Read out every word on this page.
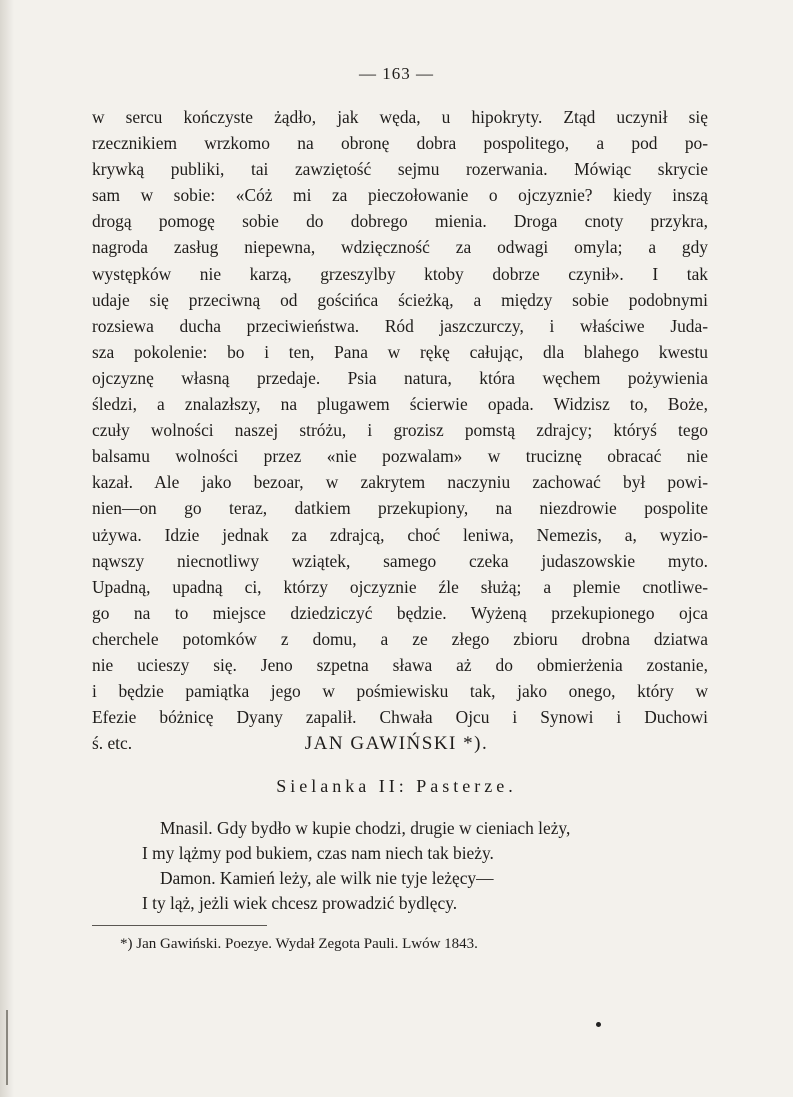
— 163 —
w sercu kończyste żądło, jak węda, u hipokryty. Ztąd uczynił się
rzecznikiem wrzkomo na obronę dobra pospolitego, a pod po-
krywką publiki, tai zawziętość sejmu rozerwania. Mówiąc skrycie
sam w sobie: «Cóż mi za pieczołowanie o ojczyznie? kiedy inszą
drogą pomogę sobie do dobrego mienia. Droga cnoty przykra,
nagroda zasług niepewna, wdzięczność za odwagi omyla; a gdy
występków nie karzą, grzeszylby ktoby dobrze czynił». I tak
udaje się przeciwną od gościńca ścieżką, a między sobie podobnymi
rozsiewa ducha przeciwieństwa. Ród jaszczurczy, i właściwe Juda-
sza pokolenie: bo i ten, Pana w rękę całując, dla blahego kwestu
ojczyznę własną przedaje. Psia natura, która węchem pożywienia
śledzi, a znalazłszy, na plugawem ścierwie opada. Widzisz to, Boże,
czuły wolności naszej stróżu, i grozisz pomstą zdrajcy; któryś tego
balsamu wolności przez «nie pozwalam» w truciznę obracać nie
kazał. Ale jako bezoar, w zakrytem naczyniu zachować był powi-
nien—on go teraz, datkiem przekupiony, na niezdrowie pospolite
używa. Idzie jednak za zdrajcą, choć leniwa, Nemezis, a, wyzio-
nąwszy niecnotliwy wziątek, samego czeka judaszowskie myto.
Upadną, upadną ci, którzy ojczyznie źle służą; a plemie cnotliwe-
go na to miejsce dziedziczyć będzie. Wyżeną przekupionego ojca
cherchele potomków z domu, a ze złego zbioru drobna dziatwa
nie ucieszy się. Jeno szpetna sława aż do obmierżenia zostanie,
i będzie pamiątka jego w pośmiewisku tak, jako onego, który w
Efezie bóżnicę Dyany zapalił. Chwała Ojcu i Synowi i Duchowi
ś. etc.	JAN GAWIŃSKI *).
Sielanka II: Pasterze.
Mnasil. Gdy bydło w kupie chodzi, drugie w cieniach leży,
I my lążmy pod bukiem, czas nam niech tak bieży.
Damon. Kamień leży, ale wilk nie tyje leżęcy—
I ty ląż, jeżli wiek chcesz prowadzić bydlęcy.
*) Jan Gawiński. Poezye. Wydał Zegota Pauli. Lwów 1843.
